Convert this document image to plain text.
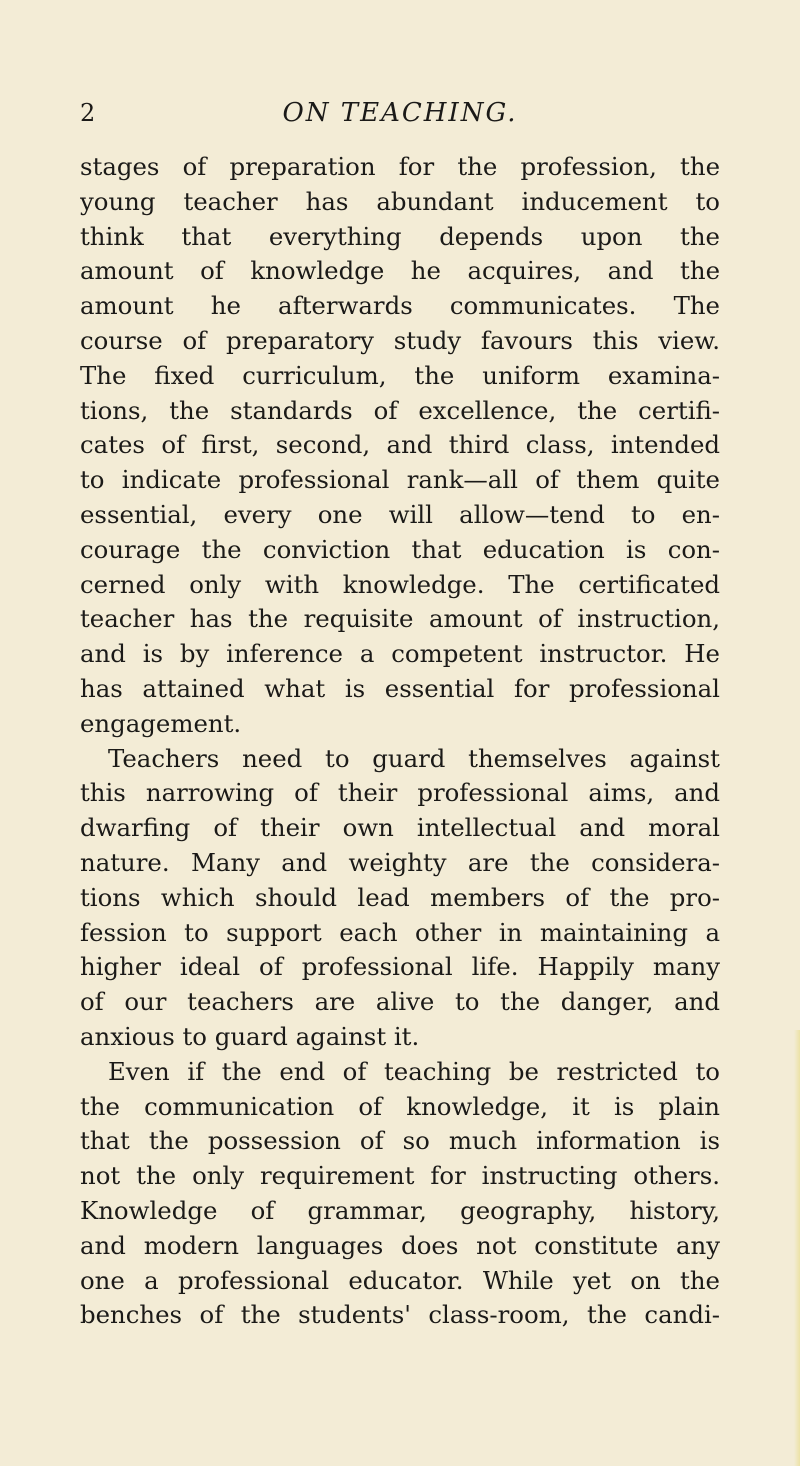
2	ON TEACHING.
stages of preparation for the profession, the
young teacher has abundant inducement to
think that everything depends upon the
amount of knowledge he acquires, and the
amount he afterwards communicates. The
course of preparatory study favours this view.
The fixed curriculum, the uniform examina-
tions, the standards of excellence, the certifi-
cates of first, second, and third class, intended
to indicate professional rank—all of them quite
essential, every one will allow—tend to en-
courage the conviction that education is con-
cerned only with knowledge. The certificated
teacher has the requisite amount of instruction,
and is by inference a competent instructor. He
has attained what is essential for professional
engagement.
Teachers need to guard themselves against
this narrowing of their professional aims, and
dwarfing of their own intellectual and moral
nature. Many and weighty are the considera-
tions which should lead members of the pro-
fession to support each other in maintaining a
higher ideal of professional life. Happily many
of our teachers are alive to the danger, and
anxious to guard against it.
Even if the end of teaching be restricted to
the communication of knowledge, it is plain
that the possession of so much information is
not the only requirement for instructing others.
Knowledge of grammar, geography, history,
and modern languages does not constitute any
one a professional educator. While yet on the
benches of the students' class-room, the candi-
